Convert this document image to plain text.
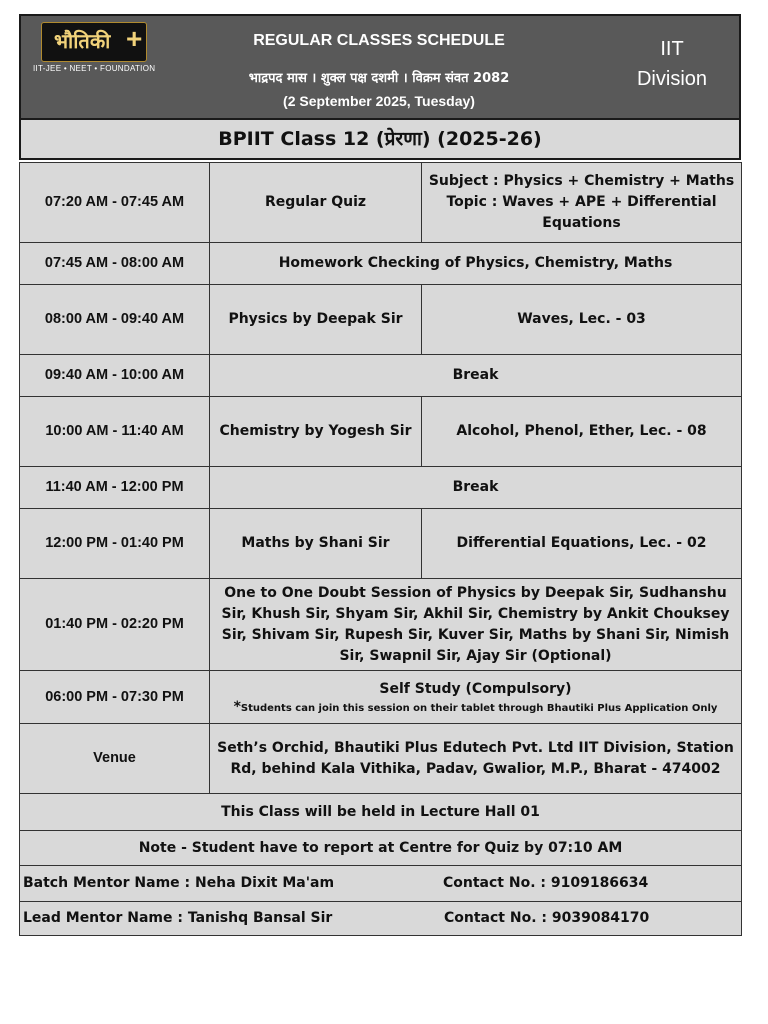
भौतिकी +
IIT-JEE • NEET • FOUNDATION
REGULAR CLASSES SCHEDULE
भाद्रपद मास । शुक्ल पक्ष दशमी । विक्रम संवत 2082
(2 September 2025, Tuesday)
IIT
Division
BPIIT Class 12 (प्रेरणा) (2025-26)
07:20 AM - 07:45 AM	Regular Quiz	Subject : Physics + Chemistry + Maths Topic : Waves + APE + Differential Equations
07:45 AM - 08:00 AM	Homework Checking of Physics, Chemistry, Maths	
08:00 AM - 09:40 AM	Physics by Deepak Sir	Waves, Lec. - 03
09:40 AM - 10:00 AM	Break	
10:00 AM - 11:40 AM	Chemistry by Yogesh Sir	Alcohol, Phenol, Ether, Lec. - 08
11:40 AM - 12:00 PM	Break	
12:00 PM - 01:40 PM	Maths by Shani Sir	Differential Equations, Lec. - 02
01:40 PM - 02:20 PM	One to One Doubt Session of Physics by Deepak Sir, Sudhanshu Sir, Khush Sir, Shyam Sir, Akhil Sir, Chemistry by Ankit Chouksey Sir, Shivam Sir, Rupesh Sir, Kuver Sir, Maths by Shani Sir, Nimish Sir, Swapnil Sir, Ajay Sir (Optional)	
06:00 PM - 07:30 PM	Self Study (Compulsory)
*Students can join this session on their tablet through Bhautiki Plus Application Only	

Venue	Seth’s Orchid, Bhautiki Plus Edutech Pvt. Ltd IIT Division, Station Rd, behind Kala Vithika, Padav, Gwalior, M.P., Bharat - 474002	
This Class will be held in Lecture Hall 01		
Note - Student have to report at Centre for Quiz by 07:10 AM		
Batch Mentor Name : Neha Dixit Ma'am Contact No. : 9109186634		
Lead Mentor Name : Tanishq Bansal Sir Contact No. : 9039084170		
